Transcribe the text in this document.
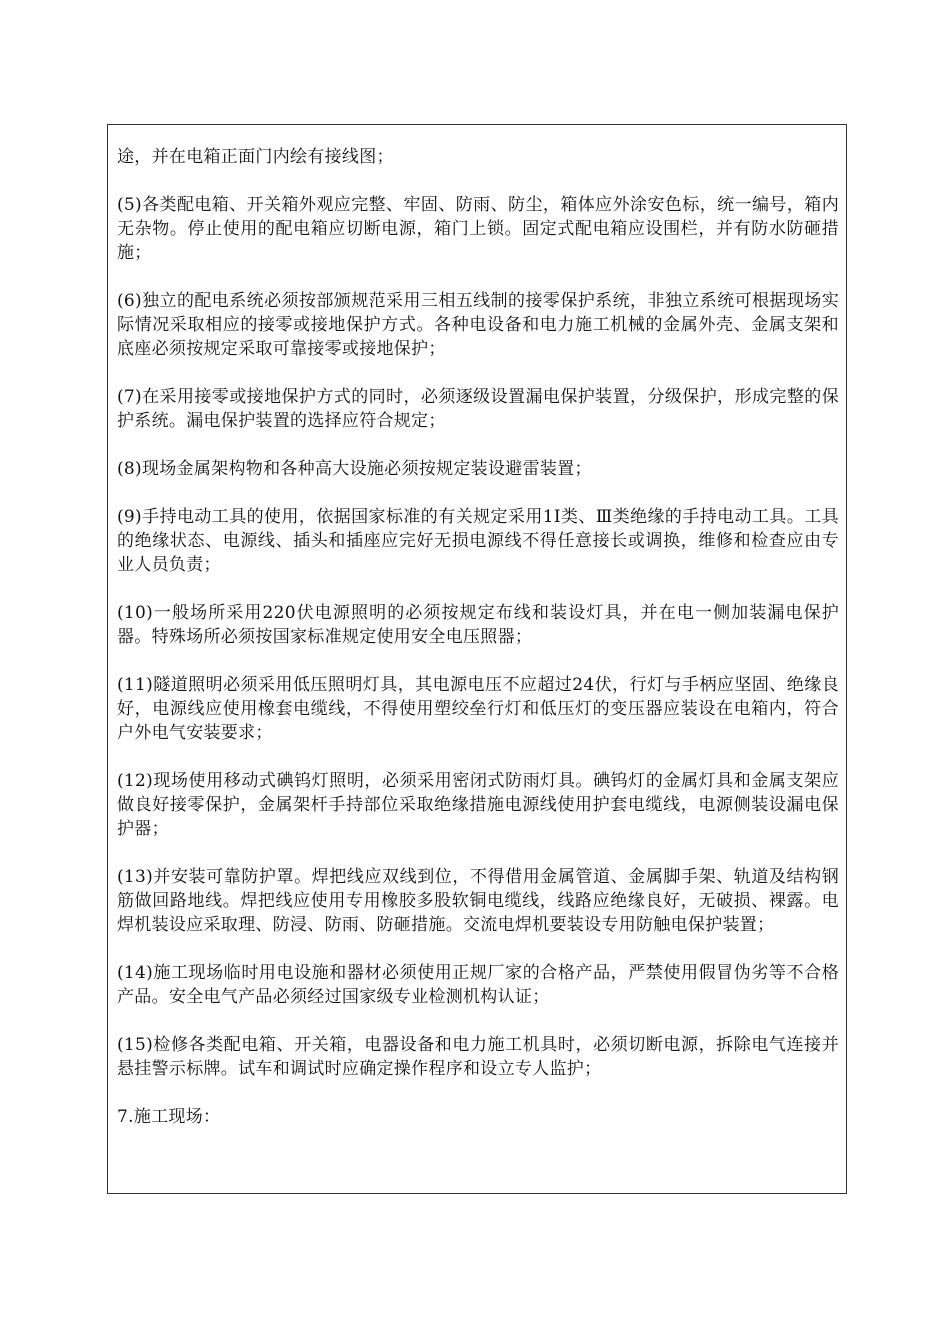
途，并在电箱正面门内绘有接线图；

(5)各类配电箱、开关箱外观应完整、牢固、防雨、防尘，箱体应外涂安色标，统一编号，箱内无杂物。停止使用的配电箱应切断电源，箱门上锁。固定式配电箱应设围栏，并有防水防砸措施；

(6)独立的配电系统必须按部颁规范采用三相五线制的接零保护系统，非独立系统可根据现场实际情况采取相应的接零或接地保护方式。各种电设备和电力施工机械的金属外壳、金属支架和底座必须按规定采取可靠接零或接地保护；

(7)在采用接零或接地保护方式的同时，必须逐级设置漏电保护装置，分级保护，形成完整的保护系统。漏电保护装置的选择应符合规定；

(8)现场金属架构物和各种高大设施必须按规定装设避雷装置；

(9)手持电动工具的使用，依据国家标准的有关规定采用1I类、Ⅲ类绝缘的手持电动工具。工具的绝缘状态、电源线、插头和插座应完好无损电源线不得任意接长或调换，维修和检查应由专业人员负责；

(10)一般场所采用220伏电源照明的必须按规定布线和装设灯具，并在电一侧加装漏电保护器。特殊场所必须按国家标准规定使用安全电压照器；

(11)隧道照明必须采用低压照明灯具，其电源电压不应超过24伏，行灯与手柄应坚固、绝缘良好，电源线应使用橡套电缆线，不得使用塑绞垒行灯和低压灯的变压器应装设在电箱内，符合户外电气安装要求；

(12)现场使用移动式碘钨灯照明，必须采用密闭式防雨灯具。碘钨灯的金属灯具和金属支架应做良好接零保护，金属架杆手持部位采取绝缘措施电源线使用护套电缆线，电源侧装设漏电保护器；

(13)并安装可靠防护罩。焊把线应双线到位，不得借用金属管道、金属脚手架、轨道及结构钢筋做回路地线。焊把线应使用专用橡胶多股软铜电缆线，线路应绝缘良好，无破损、裸露。电焊机装设应采取理、防浸、防雨、防砸措施。交流电焊机要装设专用防触电保护装置；

(14)施工现场临时用电设施和器材必须使用正规厂家的合格产品，严禁使用假冒伪劣等不合格产品。安全电气产品必须经过国家级专业检测机构认证；

(15)检修各类配电箱、开关箱，电器设备和电力施工机具时，必须切断电源，拆除电气连接并悬挂警示标牌。试车和调试时应确定操作程序和设立专人监护；

7.施工现场：
